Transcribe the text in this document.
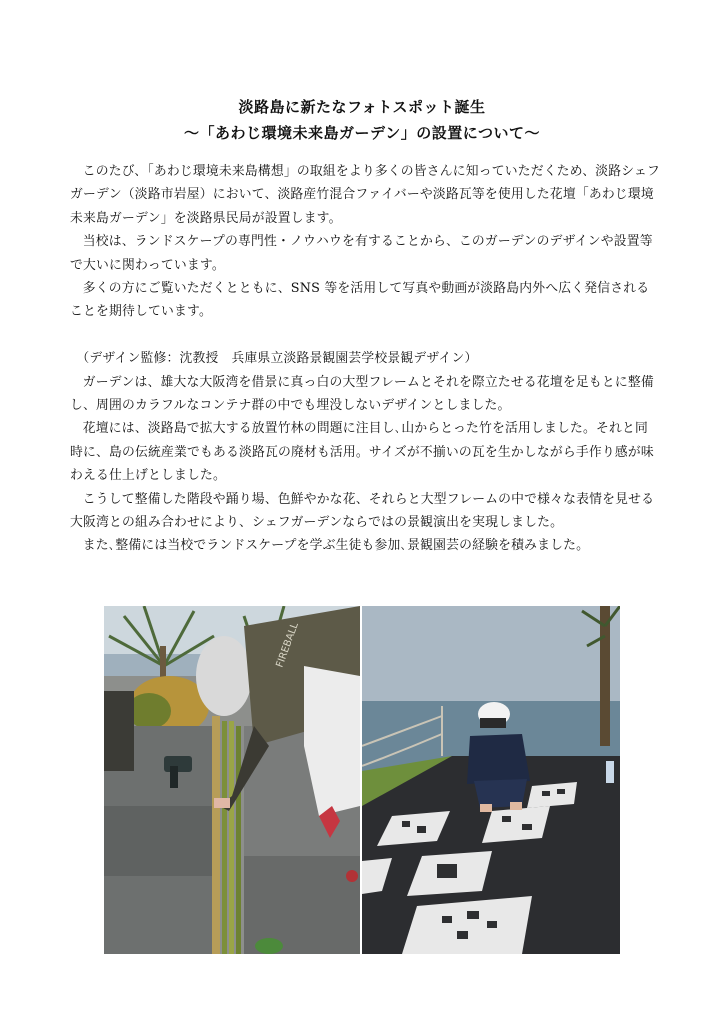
淡路島に新たなフォトスポット誕生
～「あわじ環境未来島ガーデン」の設置について～

このたび、「あわじ環境未来島構想」の取組をより多くの皆さんに知っていただくため、淡路シェフガーデン（淡路市岩屋）において、淡路産竹混合ファイバーや淡路瓦等を使用した花壇「あわじ環境未来島ガーデン」を淡路県民局が設置します。

当校は、ランドスケープの専門性・ノウハウを有することから、このガーデンのデザインや設置等で大いに関わっています。

多くの方にご覧いただくとともに、SNS 等を活用して写真や動画が淡路島内外へ広く発信されることを期待しています。

（デザイン監修：沈教授　兵庫県立淡路景観園芸学校景観デザイン）

ガーデンは、雄大な大阪湾を借景に真っ白の大型フレームとそれを際立たせる花壇を足もとに整備し、周囲のカラフルなコンテナ群の中でも埋没しないデザインとしました。

花壇には、淡路島で拡大する放置竹林の問題に注目し､山からとった竹を活用しました。それと同時に、島の伝統産業でもある淡路瓦の廃材も活用。サイズが不揃いの瓦を生かしながら手作り感が味わえる仕上げとしました。

こうして整備した階段や踊り場、色鮮やかな花、それらと大型フレームの中で様々な表情を見せる大阪湾との組み合わせにより、シェフガーデンならではの景観演出を実現しました。

また､整備には当校でランドスケープを学ぶ生徒も参加､景観園芸の経験を積みました。

FIREBALL
